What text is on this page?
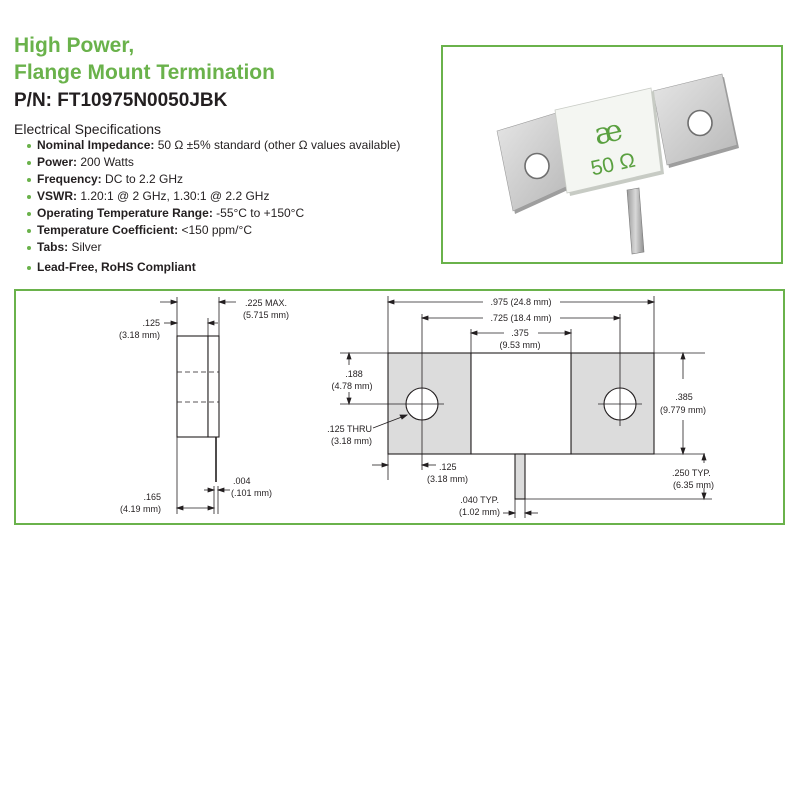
High Power,
Flange Mount Termination
P/N: FT10975N0050JBK
Electrical Specifications
Nominal Impedance: 50 Ω ±5% standard (other Ω values available)
Power: 200 Watts
Frequency: DC to 2.2 GHz
VSWR: 1.20:1 @ 2 GHz, 1.30:1 @ 2.2 GHz
Operating Temperature Range: -55°C to +150°C
Temperature Coefficient: <150 ppm/°C
Tabs: Silver
Lead-Free, RoHS Compliant
æ
50 Ω
.225 MAX.
(5.715 mm)
.125
(3.18 mm)
.165
(4.19 mm)
.004
(.101 mm)
.975 (24.8 mm)
.725 (18.4 mm)
.375
(9.53 mm)
.188
(4.78 mm)
.125 THRU
(3.18 mm)
.125
(3.18 mm)
.385
(9.779 mm)
.250 TYP.
(6.35 mm)
.040 TYP.
(1.02 mm)
